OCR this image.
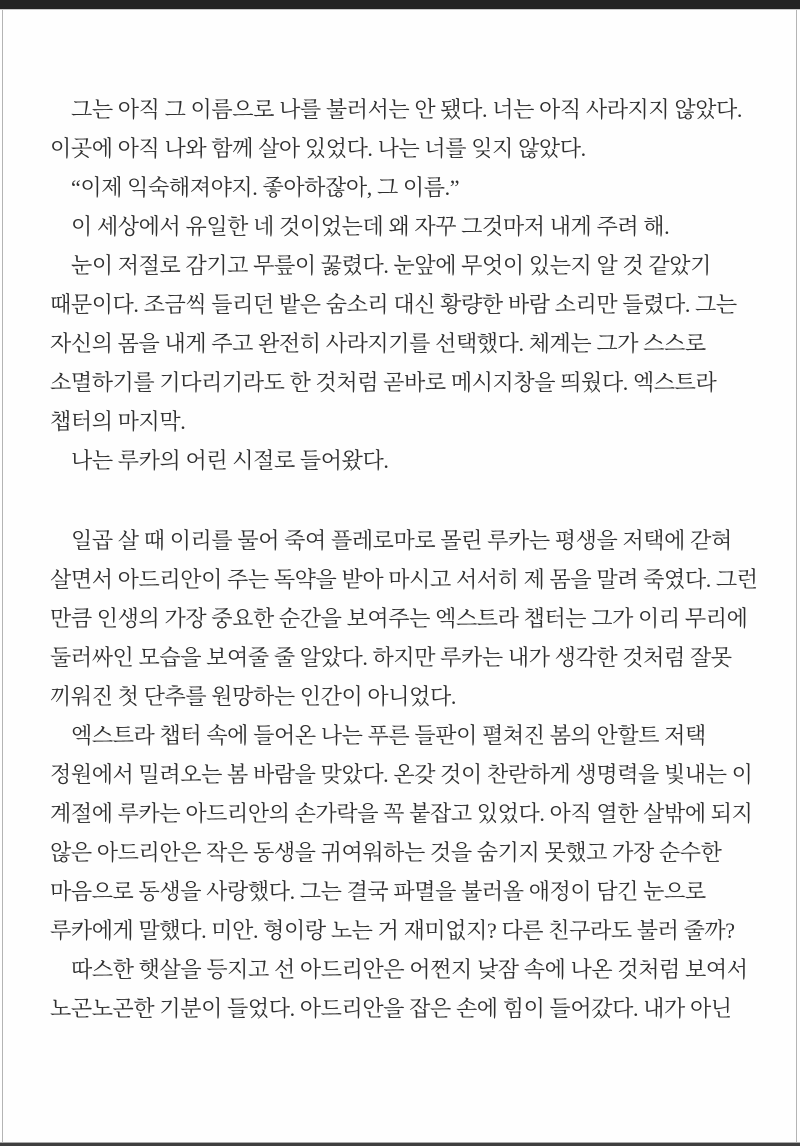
그는 아직 그 이름으로 나를 불러서는 안 됐다. 너는 아직 사라지지 않았다.
이곳에 아직 나와 함께 살아 있었다. 나는 너를 잊지 않았다.
“이제 익숙해져야지. 좋아하잖아, 그 이름.”
이 세상에서 유일한 네 것이었는데 왜 자꾸 그것마저 내게 주려 해.
눈이 저절로 감기고 무릎이 꿇렸다. 눈앞에 무엇이 있는지 알 것 같았기
때문이다. 조금씩 들리던 밭은 숨소리 대신 황량한 바람 소리만 들렸다. 그는
자신의 몸을 내게 주고 완전히 사라지기를 선택했다. 체계는 그가 스스로
소멸하기를 기다리기라도 한 것처럼 곧바로 메시지창을 띄웠다. 엑스트라
챕터의 마지막.
나는 루카의 어린 시절로 들어왔다.
일곱 살 때 이리를 물어 죽여 플레로마로 몰린 루카는 평생을 저택에 갇혀
살면서 아드리안이 주는 독약을 받아 마시고 서서히 제 몸을 말려 죽였다. 그런
만큼 인생의 가장 중요한 순간을 보여주는 엑스트라 챕터는 그가 이리 무리에
둘러싸인 모습을 보여줄 줄 알았다. 하지만 루카는 내가 생각한 것처럼 잘못
끼워진 첫 단추를 원망하는 인간이 아니었다.
엑스트라 챕터 속에 들어온 나는 푸른 들판이 펼쳐진 봄의 안할트 저택
정원에서 밀려오는 봄 바람을 맞았다. 온갖 것이 찬란하게 생명력을 빛내는 이
계절에 루카는 아드리안의 손가락을 꼭 붙잡고 있었다. 아직 열한 살밖에 되지
않은 아드리안은 작은 동생을 귀여워하는 것을 숨기지 못했고 가장 순수한
마음으로 동생을 사랑했다. 그는 결국 파멸을 불러올 애정이 담긴 눈으로
루카에게 말했다. 미안. 형이랑 노는 거 재미없지? 다른 친구라도 불러 줄까?
따스한 햇살을 등지고 선 아드리안은 어쩐지 낮잠 속에 나온 것처럼 보여서
노곤노곤한 기분이 들었다. 아드리안을 잡은 손에 힘이 들어갔다. 내가 아닌
